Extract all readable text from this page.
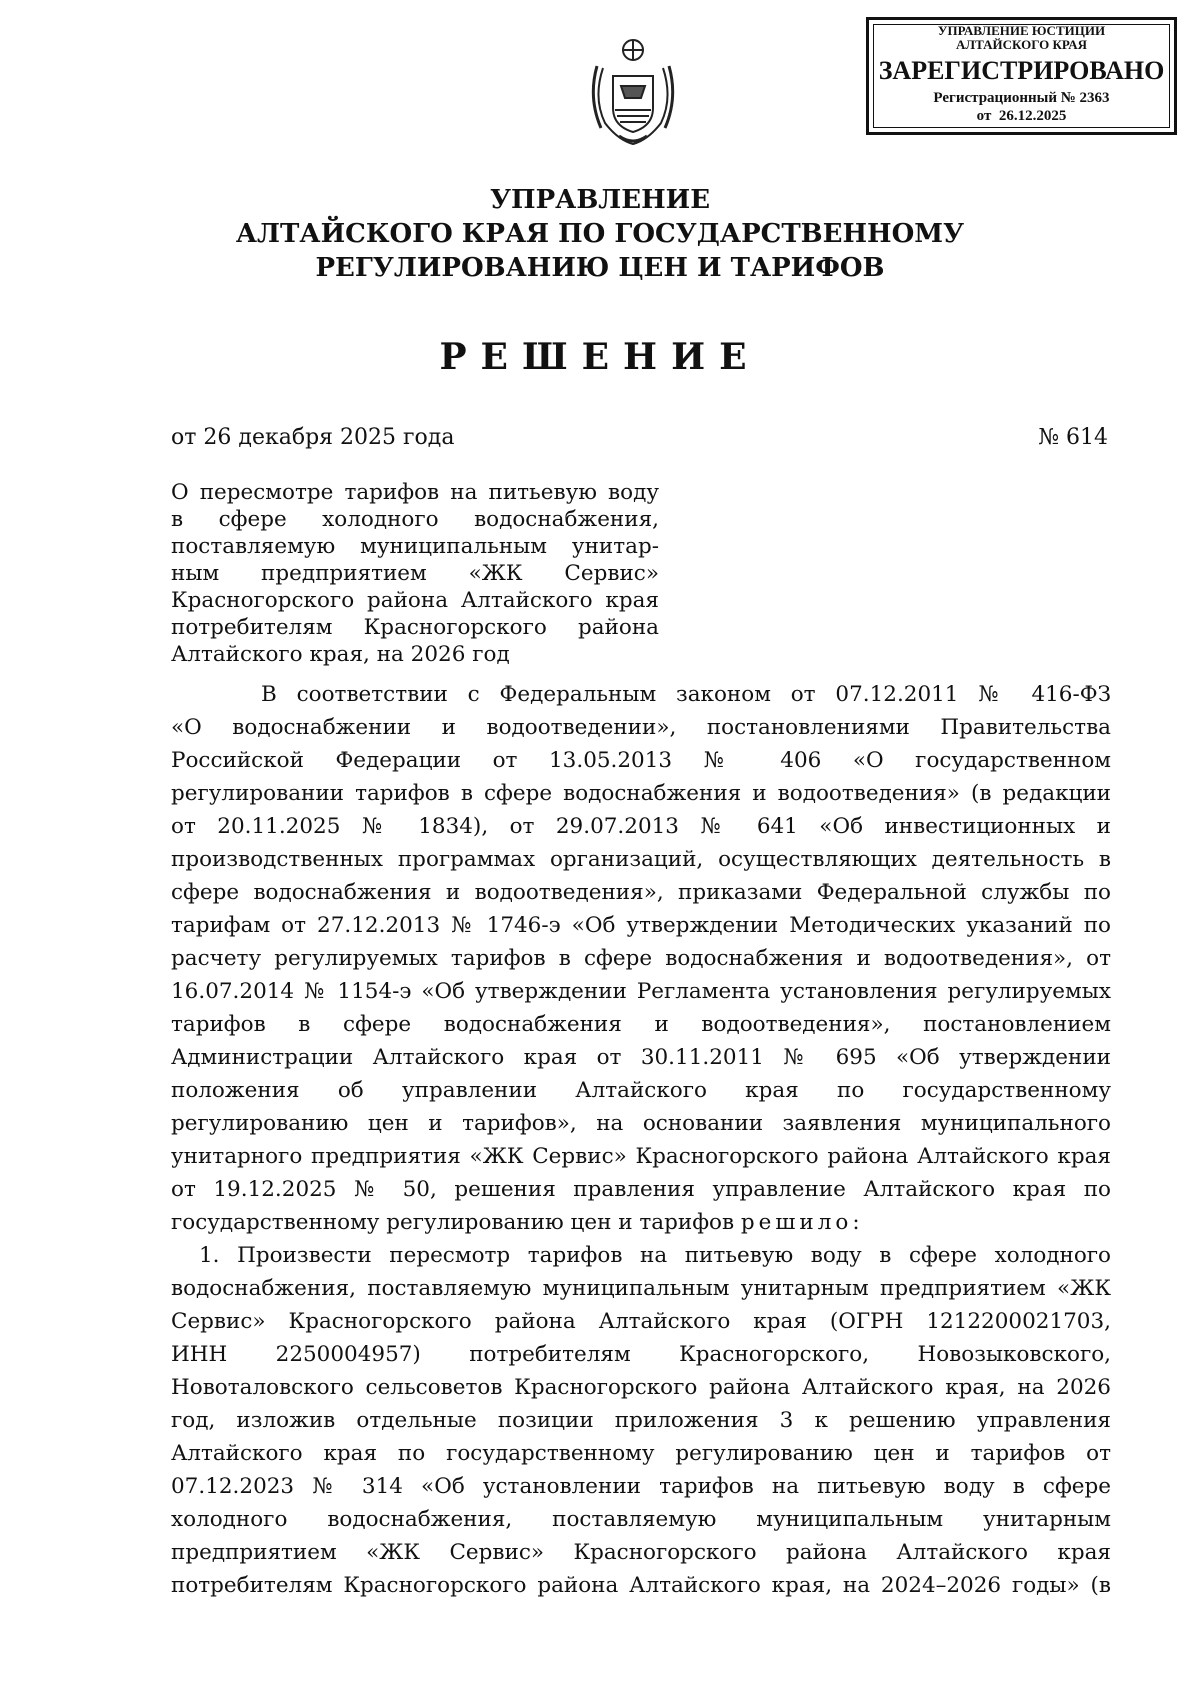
УПРАВЛЕНИЕ ЮСТИЦИИ
АЛТАЙСКОГО КРАЯ
ЗАРЕГИСТРИРОВАНО
Регистрационный № 2363
от  26.12.2025
УПРАВЛЕНИЕ
АЛТАЙСКОГО КРАЯ ПО ГОСУДАРСТВЕННОМУ
РЕГУЛИРОВАНИЮ ЦЕН И ТАРИФОВ
РЕШЕНИЕ
от 26 декабря 2025 года	№ 614
О пересмотре тарифов на питьевую воду
в сфере холодного водоснабжения,
поставляемую муниципальным унитар-
ным предприятием «ЖК Сервис»
Красногорского района Алтайского края
потребителям Красногорского района
Алтайского края, на 2026 год
В соответствии с Федеральным законом от 07.12.2011 № 416-ФЗ
«О водоснабжении и водоотведении», постановлениями Правительства
Российской Федерации от 13.05.2013 № 406 «О государственном
регулировании тарифов в сфере водоснабжения и водоотведения» (в редакции
от 20.11.2025 № 1834), от 29.07.2013 № 641 «Об инвестиционных и
производственных программах организаций, осуществляющих деятельность в
сфере водоснабжения и водоотведения», приказами Федеральной службы по
тарифам от 27.12.2013 № 1746-э «Об утверждении Методических указаний по
расчету регулируемых тарифов в сфере водоснабжения и водоотведения», от
16.07.2014 № 1154-э «Об утверждении Регламента установления регулируемых
тарифов в сфере водоснабжения и водоотведения», постановлением
Администрации Алтайского края от 30.11.2011 № 695 «Об утверждении
положения об управлении Алтайского края по государственному
регулированию цен и тарифов», на основании заявления муниципального
унитарного предприятия «ЖК Сервис» Красногорского района Алтайского края
от 19.12.2025 № 50, решения правления управление Алтайского края по
государственному регулированию цен и тарифов решило:
1. Произвести пересмотр тарифов на питьевую воду в сфере холодного
водоснабжения, поставляемую муниципальным унитарным предприятием «ЖК
Сервис» Красногорского района Алтайского края (ОГРН 1212200021703,
ИНН 2250004957) потребителям Красногорского, Новозыковского,
Новоталовского сельсоветов Красногорского района Алтайского края, на 2026
год, изложив отдельные позиции приложения 3 к решению управления
Алтайского края по государственному регулированию цен и тарифов от
07.12.2023 № 314 «Об установлении тарифов на питьевую воду в сфере
холодного водоснабжения, поставляемую муниципальным унитарным
предприятием «ЖК Сервис» Красногорского района Алтайского края
потребителям Красногорского района Алтайского края, на 2024–2026 годы» (в
